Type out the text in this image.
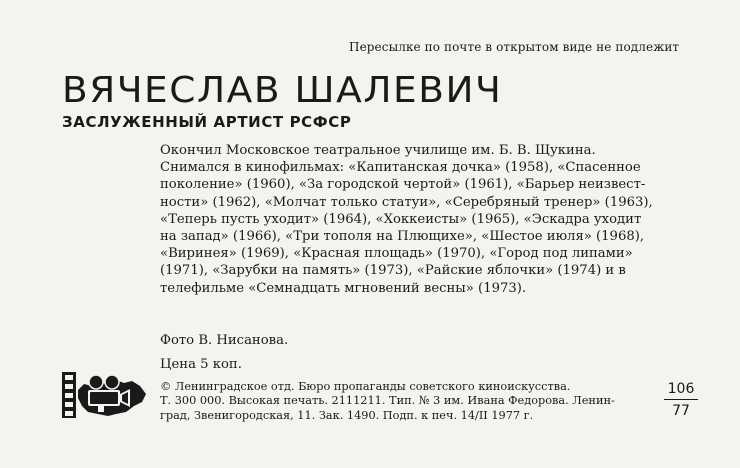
Пересылке по почте в открытом виде не подлежит
ВЯЧЕСЛАВ ШАЛЕВИЧ
ЗАСЛУЖЕННЫЙ АРТИСТ РСФСР
Окончил Московское театральное училище им. Б. В. Щукина.
Снимался в кинофильмах: «Капитанская дочка» (1958), «Спасенное
поколение» (1960), «За городской чертой» (1961), «Барьер неизвест-
ности» (1962), «Молчат только статуи», «Серебряный тренер» (1963),
«Теперь пусть уходит» (1964), «Хоккеисты» (1965), «Эскадра уходит
на запад» (1966), «Три тополя на Плющихе», «Шестое июля» (1968),
«Виринея» (1969), «Красная площадь» (1970), «Город под липами»
(1971), «Зарубки на память» (1973), «Райские яблочки» (1974) и в
телефильме «Семнадцать мгновений весны» (1973).
Фото В. Нисанова.
Цена 5 коп.
© Ленинградское отд. Бюро пропаганды советского киноискусства.
Т. 300 000. Высокая печать. 2111211. Тип. № 3 им. Ивана Федорова. Ленин-
град, Звенигородская, 11. Зак. 1490. Подп. к печ. 14/II 1977 г.
106
77
